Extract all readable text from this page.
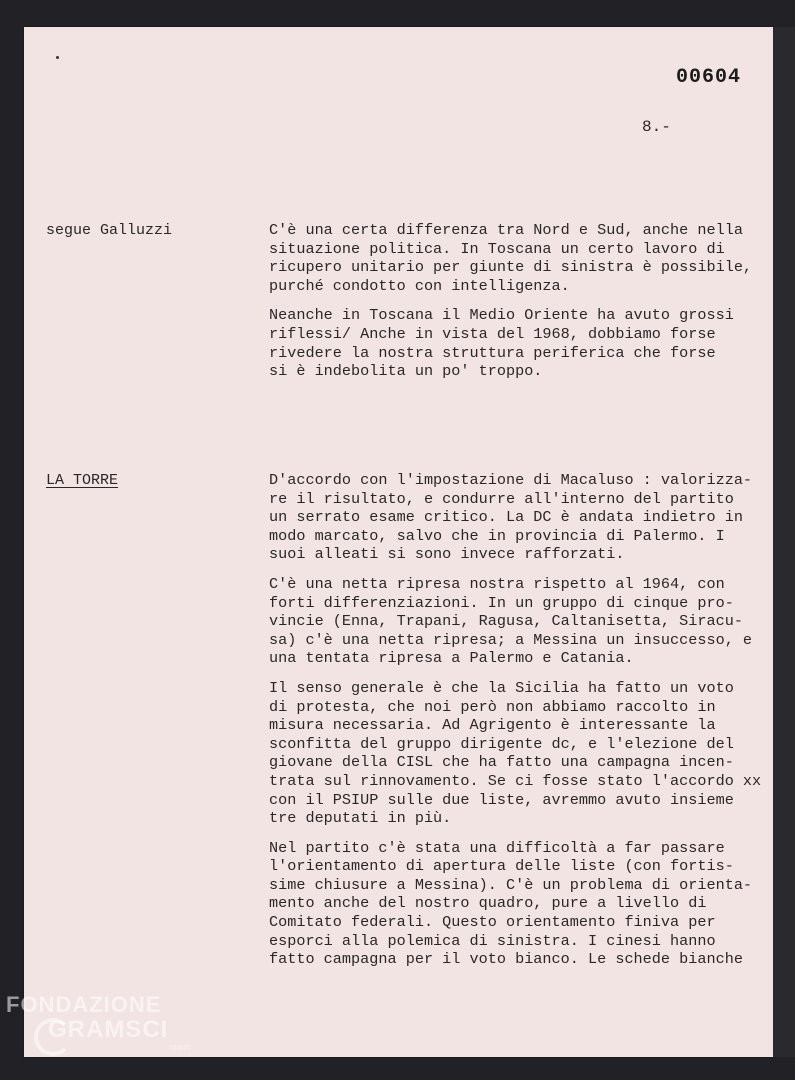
00604
8.-
segue Galluzzi	C'è una certa differenza tra Nord e Sud, anche nella
situazione politica. In Toscana un certo lavoro di
ricupero unitario per giunte di sinistra è possibile,
purché condotto con intelligenza.

Neanche in Toscana il Medio Oriente ha avuto grossi
riflessi/ Anche in vista del 1968, dobbiamo forse
rivedere la nostra struttura periferica che forse
si è indebolita un po' troppo.

LA TORRE	D'accordo con l'impostazione di Macaluso : valorizza-
re il risultato, e condurre all'interno del partito
un serrato esame critico. La DC è andata indietro in
modo marcato, salvo che in provincia di Palermo. I
suoi alleati si sono invece rafforzati.

C'è una netta ripresa nostra rispetto al 1964, con
forti differenziazioni. In un gruppo di cinque pro-
vincie (Enna, Trapani, Ragusa, Caltanisetta, Siracu-
sa) c'è una netta ripresa; a Messina un insuccesso, e
una tentata ripresa a Palermo e Catania.

Il senso generale è che la Sicilia ha fatto un voto
di protesta, che noi però non abbiamo raccolto in
misura necessaria. Ad Agrigento è interessante la
sconfitta del gruppo dirigente dc, e l'elezione del
giovane della CISL che ha fatto una campagna incen-
trata sul rinnovamento. Se ci fosse stato l'accordo xx
con il PSIUP sulle due liste, avremmo avuto insieme
tre deputati in più.

Nel partito c'è stata una difficoltà a far passare
l'orientamento di apertura delle liste (con fortis-
sime chiusure a Messina). C'è un problema di orienta-
mento anche del nostro quadro, pure a livello di
Comitato federali. Questo orientamento finiva per
esporci alla polemica di sinistra. I cinesi hanno
fatto campagna per il voto bianco. Le schede bianche

FONDAZIONE
GRAMSCI
onlus
